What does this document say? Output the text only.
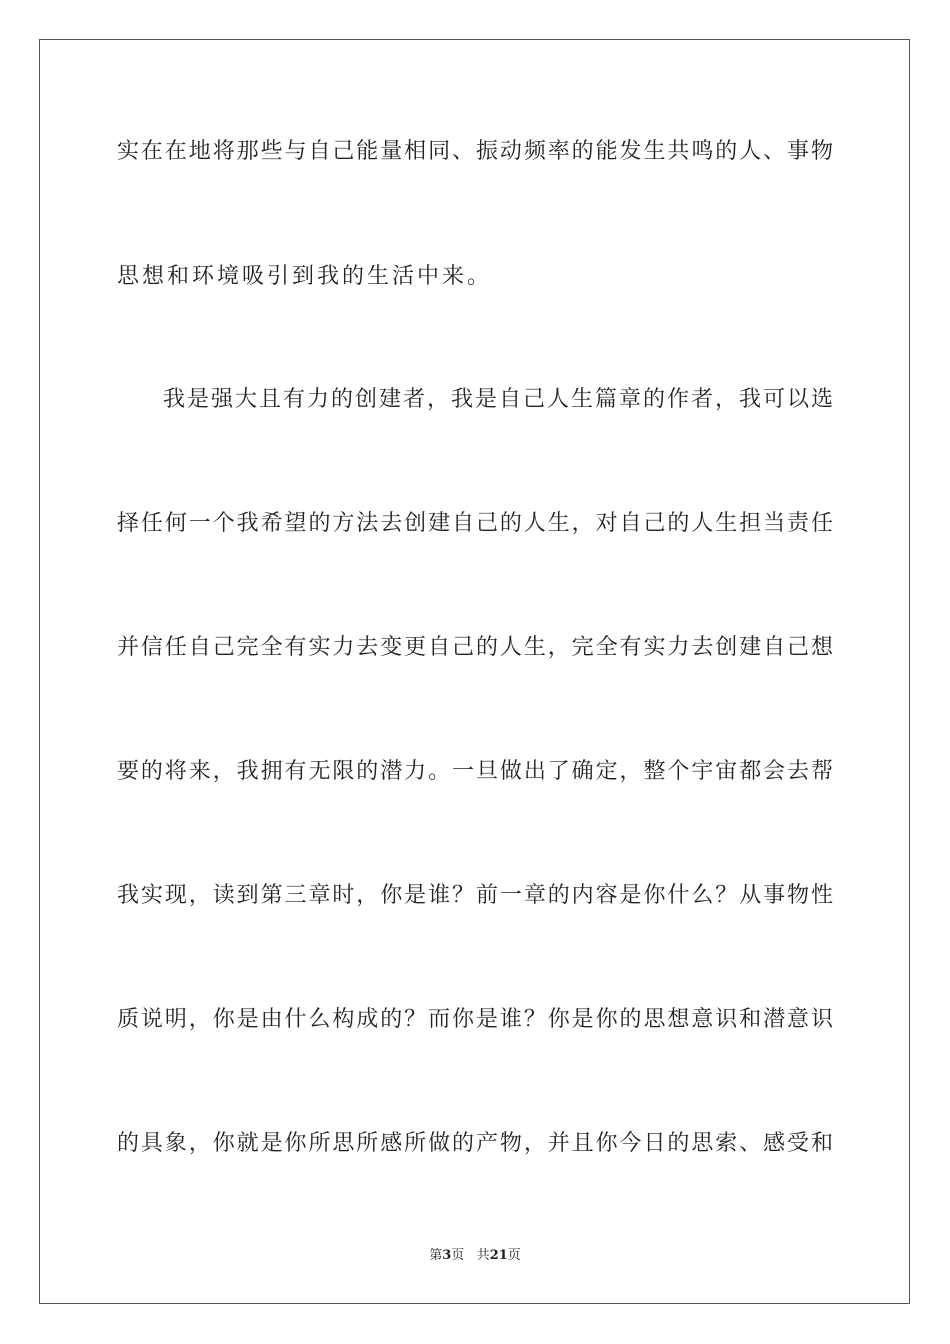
实在在地将那些与自己能量相同、振动频率的能发生共鸣的人、事物
思想和环境吸引到我的生活中来。
我是强大且有力的创建者，我是自己人生篇章的作者，我可以选
择任何一个我希望的方法去创建自己的人生，对自己的人生担当责任
并信任自己完全有实力去变更自己的人生，完全有实力去创建自己想
要的将来，我拥有无限的潜力。一旦做出了确定，整个宇宙都会去帮
我实现，读到第三章时，你是谁？前一章的内容是你什么？从事物性
质说明，你是由什么构成的？而你是谁？你是你的思想意识和潜意识
的具象，你就是你所思所感所做的产物，并且你今日的思索、感受和
第3页 共21页
